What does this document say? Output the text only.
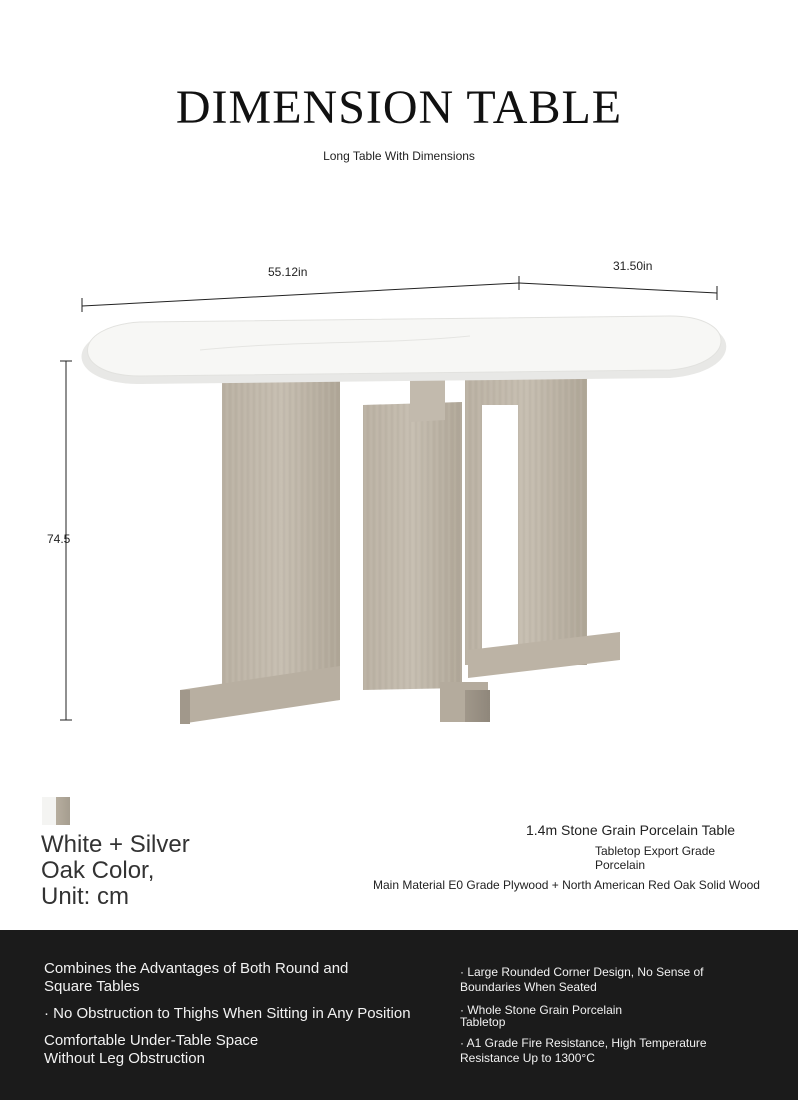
DIMENSION TABLE
Long Table With Dimensions
55.12in	31.50in
74.5
White + Silver Oak Color,
Unit: cm
1.4m Stone Grain Porcelain Table
Tabletop Export Grade Porcelain
Main Material E0 Grade Plywood + North American Red Oak Solid Wood
Combines the Advantages of Both Round and Square Tables
· No Obstruction to Thighs When Sitting in Any Position
Comfortable Under-Table Space Without Leg Obstruction
· Large Rounded Corner Design, No Sense of Boundaries When Seated
· Whole Stone Grain Porcelain Tabletop
· A1 Grade Fire Resistance, High Temperature Resistance Up to 1300°C
